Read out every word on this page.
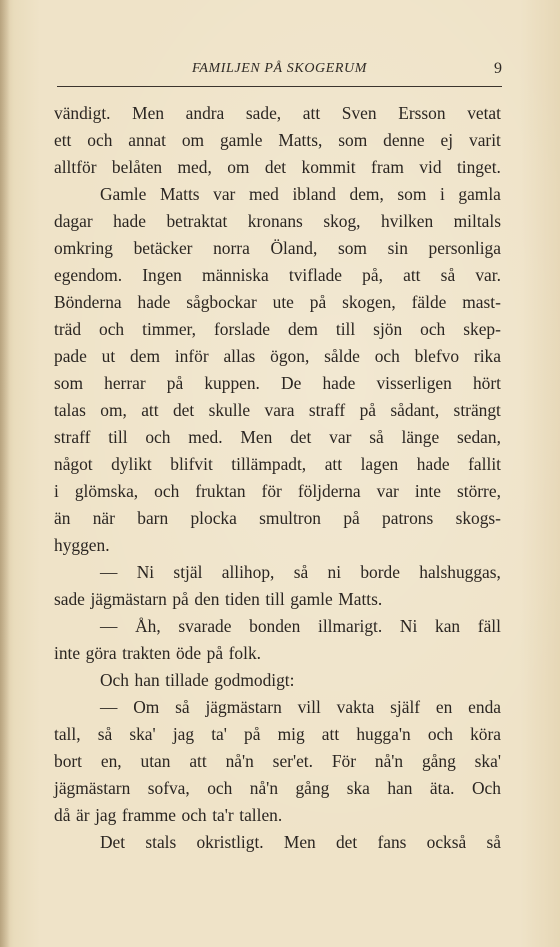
FAMILJEN PÅ SKOGERUM	9
vändigt. Men andra sade, att Sven Ersson vetat
ett och annat om gamle Matts, som denne ej varit
alltför belåten med, om det kommit fram vid tinget.
Gamle Matts var med ibland dem, som i gamla
dagar hade betraktat kronans skog, hvilken miltals
omkring betäcker norra Öland, som sin personliga
egendom. Ingen människa tviflade på, att så var.
Bönderna hade sågbockar ute på skogen, fälde mast-
träd och timmer, forslade dem till sjön och skep-
pade ut dem inför allas ögon, sålde och blefvo rika
som herrar på kuppen. De hade visserligen hört
talas om, att det skulle vara straff på sådant, strängt
straff till och med. Men det var så länge sedan,
något dylikt blifvit tillämpadt, att lagen hade fallit
i glömska, och fruktan för följderna var inte större,
än när barn plocka smultron på patrons skogs-
hyggen.
— Ni stjäl allihop, så ni borde halshuggas,
sade jägmästarn på den tiden till gamle Matts.
— Åh, svarade bonden illmarigt. Ni kan fäll
inte göra trakten öde på folk.
Och han tillade godmodigt:
— Om så jägmästarn vill vakta själf en enda
tall, så ska' jag ta' på mig att hugga'n och köra
bort en, utan att nå'n ser'et. För nå'n gång ska'
jägmästarn sofva, och nå'n gång ska han äta. Och
då är jag framme och ta'r tallen.
Det stals okristligt. Men det fans också så
